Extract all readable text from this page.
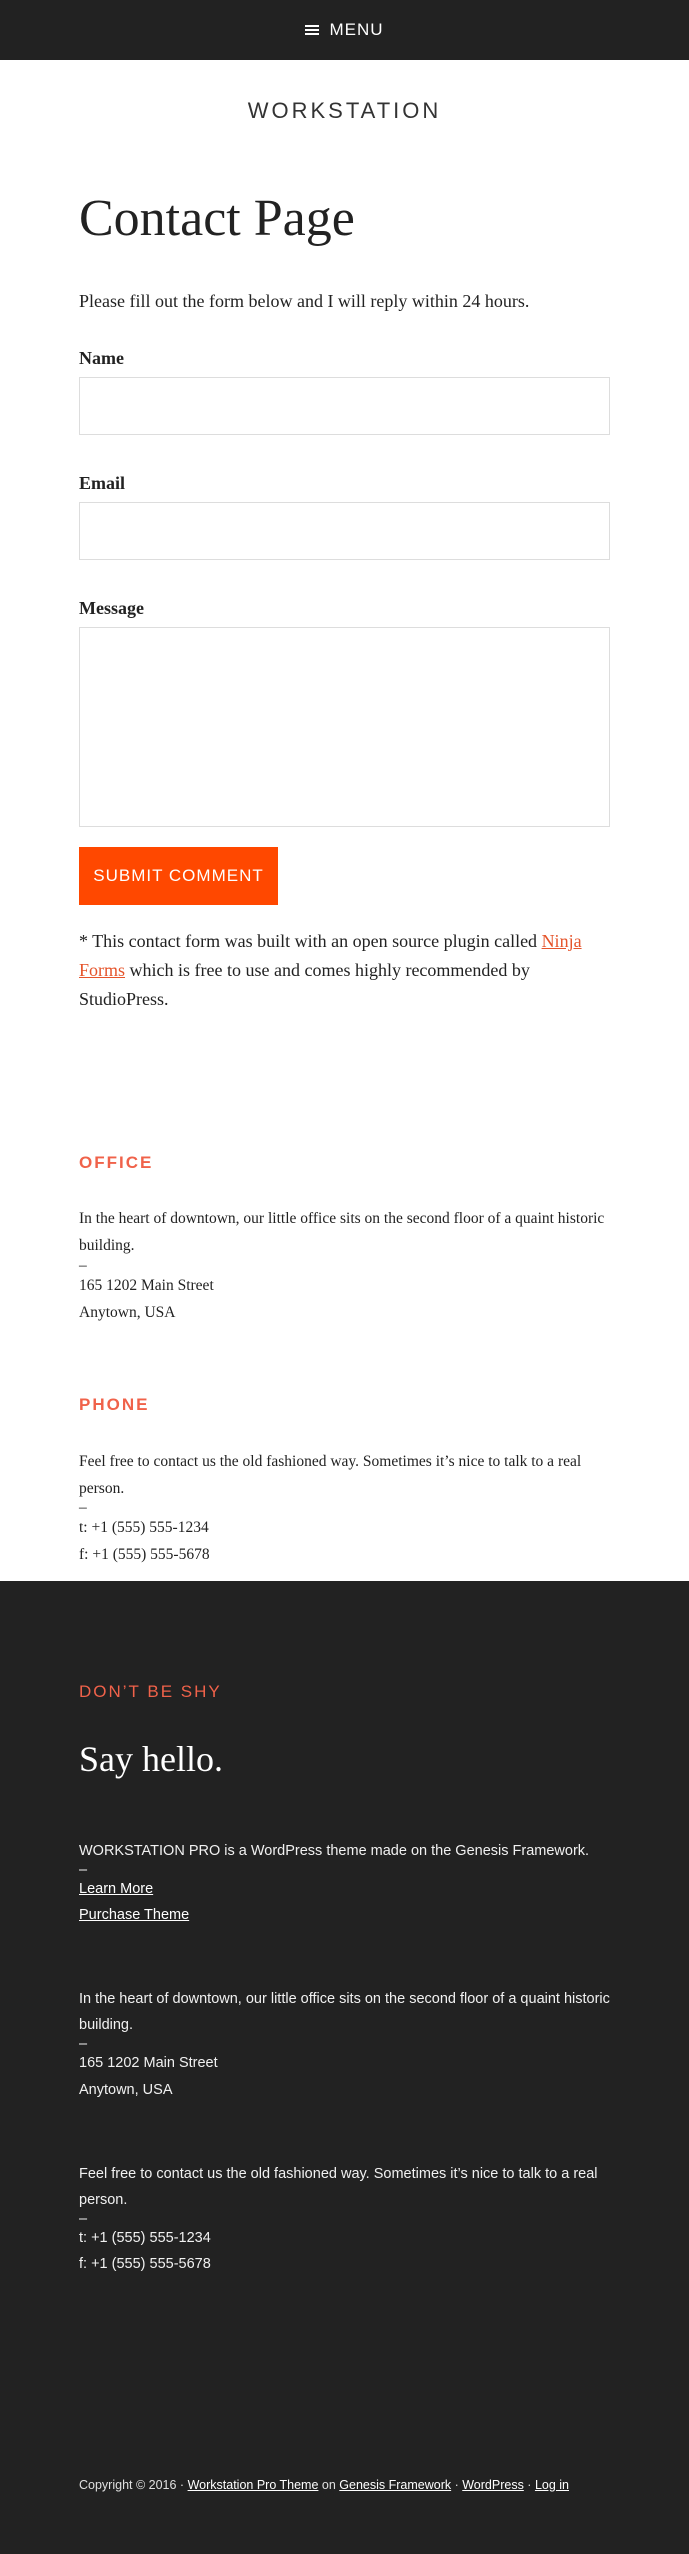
MENU
WORKSTATION
Contact Page

Please fill out the form below and I will reply within 24 hours.

Name
Email
Message
SUBMIT COMMENT

* This contact form was built with an open source plugin called Ninja Forms which is free to use and comes highly recommended by StudioPress.

OFFICE

In the heart of downtown, our little office sits on the second floor of a quaint historic building.

–

165 1202 Main Street

Anytown, USA

PHONE

Feel free to contact us the old fashioned way. Sometimes it’s nice to talk to a real person.

–

t: +1 (555) 555-1234

f: +1 (555) 555-5678

DON’T BE SHY
Say hello.

WORKSTATION PRO is a WordPress theme made on the Genesis Framework.

–

Learn More

Purchase Theme

In the heart of downtown, our little office sits on the second floor of a quaint historic building.

–

165 1202 Main Street

Anytown, USA

Feel free to contact us the old fashioned way. Sometimes it’s nice to talk to a real person.

–

t: +1 (555) 555-1234

f: +1 (555) 555-5678

Copyright © 2016 · Workstation Pro Theme on Genesis Framework · WordPress · Log in
